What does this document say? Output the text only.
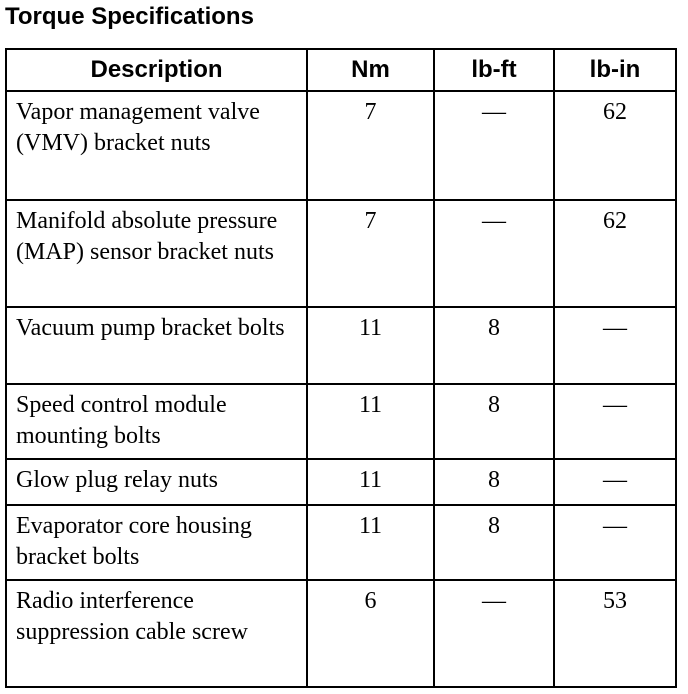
Torque Specifications
Description	Nm	lb-ft	lb-in
Vapor management valve (VMV) bracket nuts	7	—	62
Manifold absolute pressure (MAP) sensor bracket nuts	7	—	62
Vacuum pump bracket bolts	11	8	—
Speed control module mounting bolts	11	8	—
Glow plug relay nuts	11	8	—
Evaporator core housing bracket bolts	11	8	—
Radio interference suppression cable screw	6	—	53
